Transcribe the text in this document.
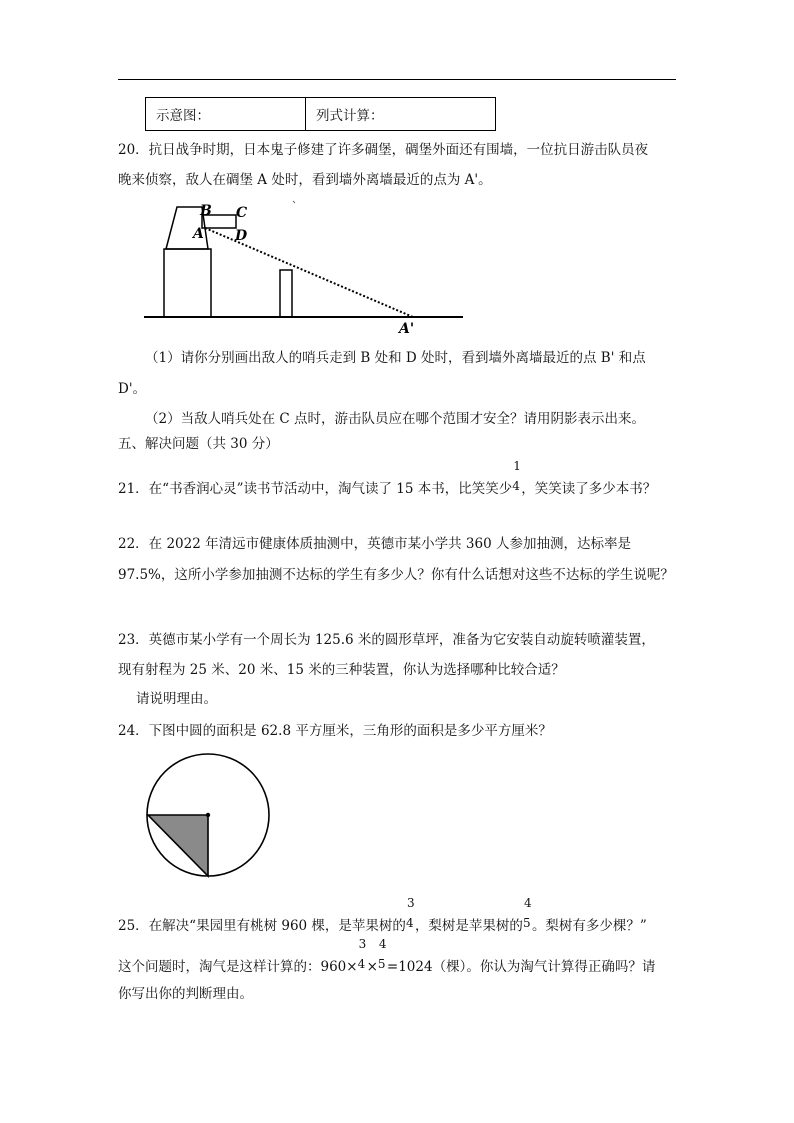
示意图：	列式计算：
20．抗日战争时期，日本鬼子修建了许多碉堡，碉堡外面还有围墙，一位抗日游击队员夜
晚来侦察，敌人在碉堡 A 处时，看到墙外离墙最近的点为 A'。
B C
A D
A'
（1）请你分别画出敌人的哨兵走到 B 处和 D 处时，看到墙外离墙最近的点 B' 和点
D'。
（2）当敌人哨兵处在 C 点时，游击队员应在哪个范围才安全？请用阴影表示出来。
五、解决问题（共 30 分）
21．在“书香润心灵”读书节活动中，淘气读了 15 本书，比笑笑少
1
4 ，笑笑读了多少本书？
22．在 2022 年清远市健康体质抽测中，英德市某小学共 360 人参加抽测，达标率是
97.5%，这所小学参加抽测不达标的学生有多少人？你有什么话想对这些不达标的学生说呢？
23．英德市某小学有一个周长为 125.6 米的圆形草坪，准备为它安装自动旋转喷灌装置，
现有射程为 25 米、20 米、15 米的三种装置，你认为选择哪种比较合适？
请说明理由。
24．下图中圆的面积是 62.8 平方厘米，三角形的面积是多少平方厘米？
25．在解决“果园里有桃树 960 棵，是苹果树的
3
4 ，梨树是苹果树的
4
5 。梨树有多少棵？”
这个问题时，淘气是这样计算的：960×
3
4 ×
4
5 =1024（棵）。你认为淘气计算得正确吗？请
你写出你的判断理由。
